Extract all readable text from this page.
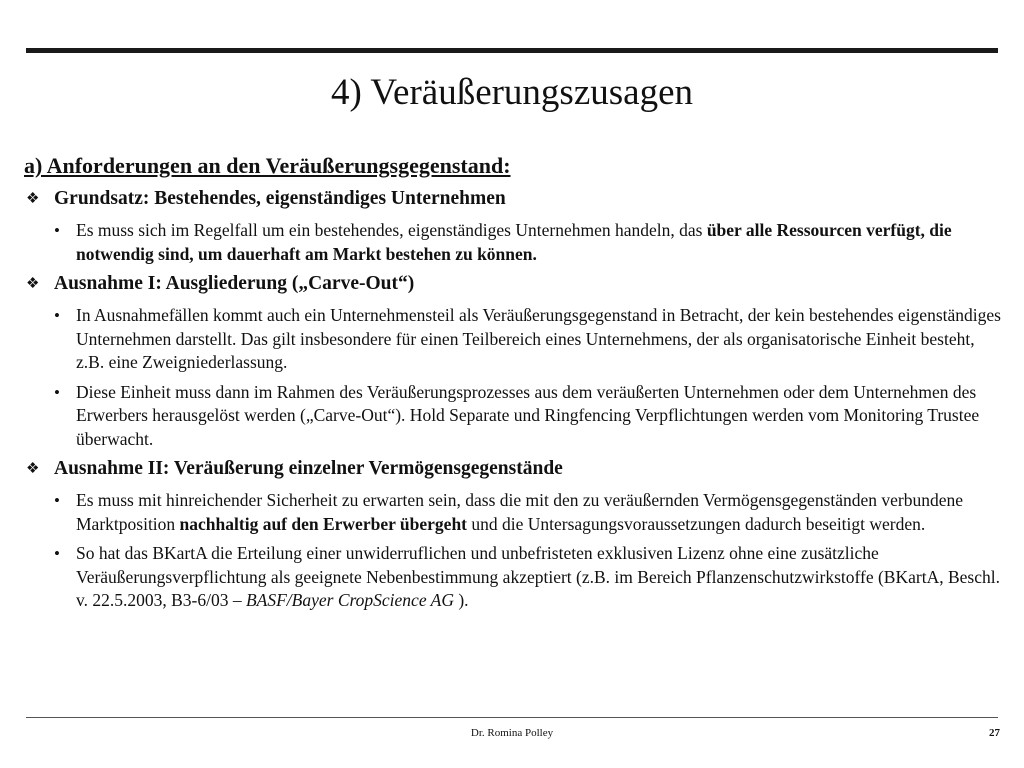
4) Veräußerungszusagen
a) Anforderungen an den Veräußerungsgegenstand:
❖ Grundsatz: Bestehendes, eigenständiges Unternehmen
• Es muss sich im Regelfall um ein bestehendes, eigenständiges Unternehmen handeln, das über alle Ressourcen verfügt, die notwendig sind, um dauerhaft am Markt bestehen zu können.
❖ Ausnahme I: Ausgliederung („Carve-Out“)
• In Ausnahmefällen kommt auch ein Unternehmensteil als Veräußerungsgegenstand in Betracht, der kein bestehendes eigenständiges Unternehmen darstellt. Das gilt insbesondere für einen Teilbereich eines Unternehmens, der als organisatorische Einheit besteht, z.B. eine Zweigniederlassung.
• Diese Einheit muss dann im Rahmen des Veräußerungsprozesses aus dem veräußerten Unternehmen oder dem Unternehmen des Erwerbers herausgelöst werden („Carve-Out“). Hold Separate und Ringfencing Verpflichtungen werden vom Monitoring Trustee überwacht.
❖ Ausnahme II: Veräußerung einzelner Vermögensgegenstände
• Es muss mit hinreichender Sicherheit zu erwarten sein, dass die mit den zu veräußernden Vermögensgegenständen verbundene Marktposition nachhaltig auf den Erwerber übergeht und die Untersagungsvoraussetzungen dadurch beseitigt werden.
• So hat das BKartA die Erteilung einer unwiderruflichen und unbefristeten exklusiven Lizenz ohne eine zusätzliche Veräußerungsverpflichtung als geeignete Nebenbestimmung akzeptiert (z.B. im Bereich Pflanzenschutzwirkstoffe (BKartA, Beschl. v. 22.5.2003, B3-6/03 – BASF/Bayer CropScience AG ).
Dr. Romina Polley	27
